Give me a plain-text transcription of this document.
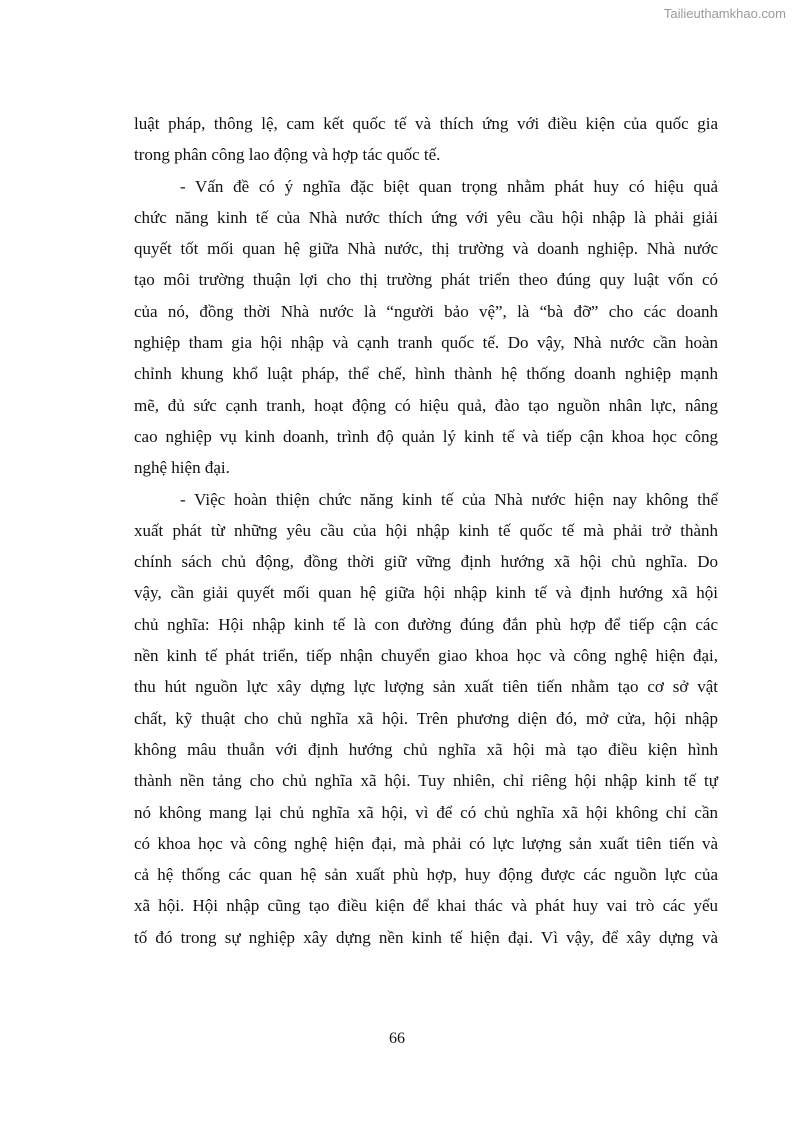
Tailieuthamkhao.com
luật pháp, thông lệ, cam kết quốc tế và thích ứng với điều kiện của quốc gia
trong phân công lao động và hợp tác quốc tế.
- Vấn đề có ý nghĩa đặc biệt quan trọng nhằm phát huy có hiệu quả
chức năng kinh tế của Nhà nước thích ứng với yêu cầu hội nhập là phải giải
quyết tốt mối quan hệ giữa Nhà nước, thị trường và doanh nghiệp. Nhà nước
tạo môi trường thuận lợi cho thị trường phát triển theo đúng quy luật vốn có
của nó, đồng thời Nhà nước là “người bảo vệ”, là “bà đỡ” cho các doanh
nghiệp tham gia hội nhập và cạnh tranh quốc tế. Do vậy, Nhà nước cần hoàn
chỉnh khung khổ luật pháp, thể chế, hình thành hệ thống doanh nghiệp mạnh
mẽ, đủ sức cạnh tranh, hoạt động có hiệu quả, đào tạo nguồn nhân lực, nâng
cao nghiệp vụ kinh doanh, trình độ quản lý kinh tế và tiếp cận khoa học công
nghệ hiện đại.
- Việc hoàn thiện chức năng kinh tế của Nhà nước hiện nay không thể
xuất phát từ những yêu cầu của hội nhập kinh tế quốc tế mà phải trở thành
chính sách chủ động, đồng thời giữ vững định hướng xã hội chủ nghĩa. Do
vậy, cần giải quyết mối quan hệ giữa hội nhập kinh tế và định hướng xã hội
chủ nghĩa: Hội nhập kinh tế là con đường đúng đắn phù hợp để tiếp cận các
nền kinh tế phát triển, tiếp nhận chuyển giao khoa học và công nghệ hiện đại,
thu hút nguồn lực xây dựng lực lượng sản xuất tiên tiến nhằm tạo cơ sở vật
chất, kỹ thuật cho chủ nghĩa xã hội. Trên phương diện đó, mở cửa, hội nhập
không mâu thuẫn với định hướng chủ nghĩa xã hội mà tạo điều kiện hình
thành nền tảng cho chủ nghĩa xã hội. Tuy nhiên, chỉ riêng hội nhập kinh tế tự
nó không mang lại chủ nghĩa xã hội, vì để có chủ nghĩa xã hội không chỉ cần
có khoa học và công nghệ hiện đại, mà phải có lực lượng sản xuất tiên tiến và
cả hệ thống các quan hệ sản xuất phù hợp, huy động được các nguồn lực của
xã hội. Hội nhập cũng tạo điều kiện để khai thác và phát huy vai trò các yếu
tố đó trong sự nghiệp xây dựng nền kinh tế hiện đại. Vì vậy, để xây dựng và
66
